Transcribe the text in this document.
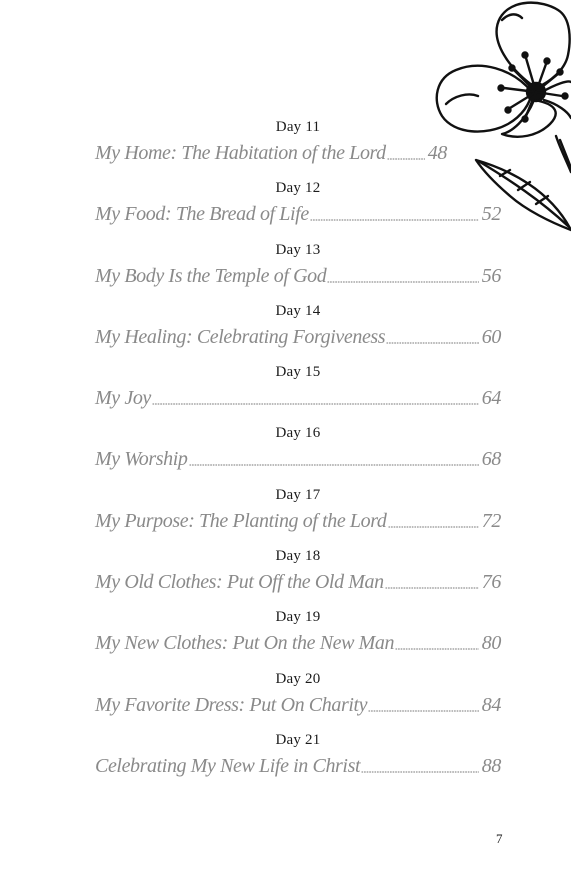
Day 11
My Home: The Habitation of the Lord 48
Day 12
My Food: The Bread of Life	52
Day 13
My Body Is the Temple of God	56
Day 14
My Healing: Celebrating Forgiveness	60
Day 15
My Joy	64
Day 16
My Worship	68
Day 17
My Purpose: The Planting of the Lord	72
Day 18
My Old Clothes: Put Off the Old Man	76
Day 19
My New Clothes: Put On the New Man	80
Day 20
My Favorite Dress: Put On Charity	84
Day 21
Celebrating My New Life in Christ	88
7
